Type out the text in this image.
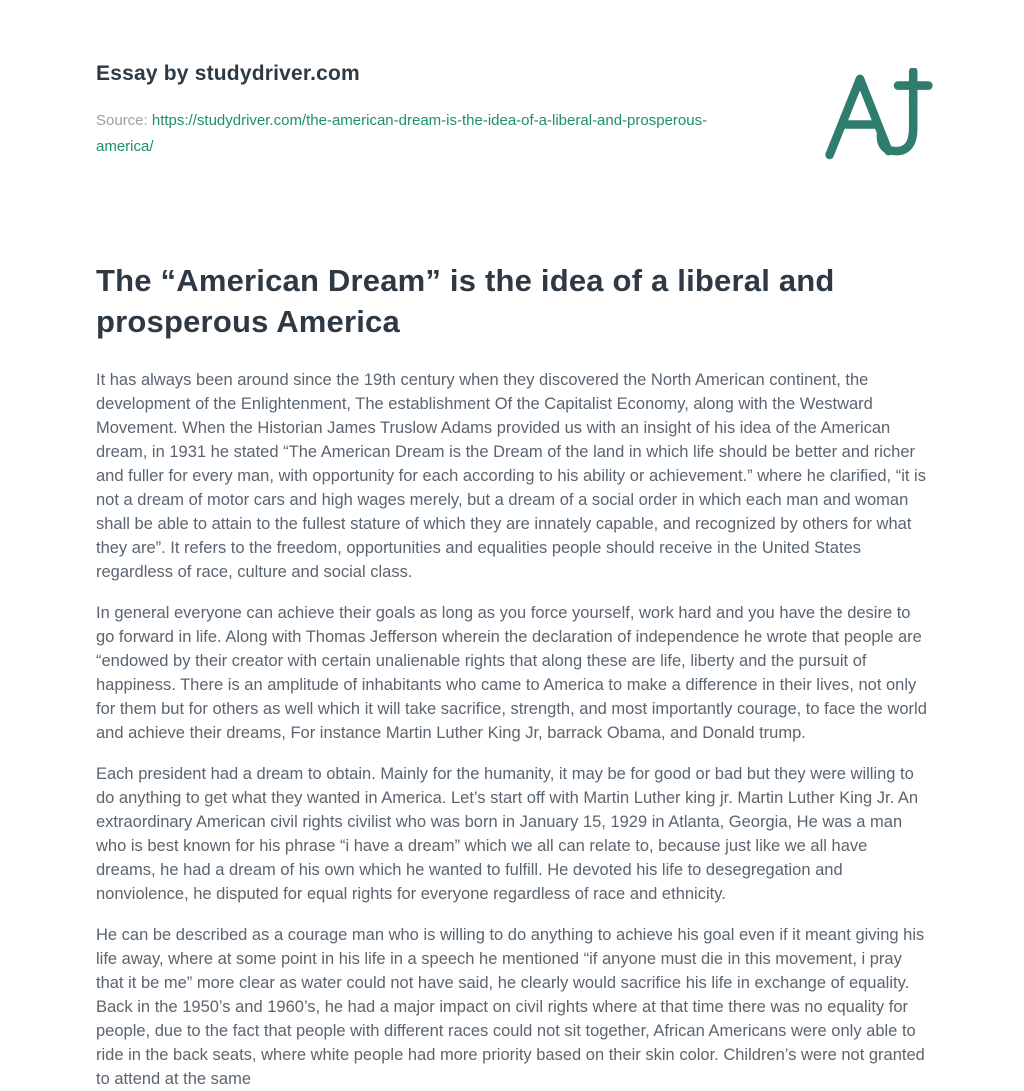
Essay by studydriver.com
Source: https://studydriver.com/the-american-dream-is-the-idea-of-a-liberal-and-prosperous-america/
The “American Dream” is the idea of a liberal and prosperous America

It has always been around since the 19th century when they discovered the North American continent, the development of the Enlightenment, The establishment Of the Capitalist Economy, along with the Westward Movement. When the Historian James Truslow Adams provided us with an insight of his idea of the American dream, in 1931 he stated “The American Dream is the Dream of the land in which life should be better and richer and fuller for every man, with opportunity for each according to his ability or achievement.” where he clarified, “it is not a dream of motor cars and high wages merely, but a dream of a social order in which each man and woman shall be able to attain to the fullest stature of which they are innately capable, and recognized by others for what they are”. It refers to the freedom, opportunities and equalities people should receive in the United States regardless of race, culture and social class.

In general everyone can achieve their goals as long as you force yourself, work hard and you have the desire to go forward in life. Along with Thomas Jefferson wherein the declaration of independence he wrote that people are “endowed by their creator with certain unalienable rights that along these are life, liberty and the pursuit of happiness. There is an amplitude of inhabitants who came to America to make a difference in their lives, not only for them but for others as well which it will take sacrifice, strength, and most importantly courage, to face the world and achieve their dreams, For instance Martin Luther King Jr, barrack Obama, and Donald trump.

Each president had a dream to obtain. Mainly for the humanity, it may be for good or bad but they were willing to do anything to get what they wanted in America. Let’s start off with Martin Luther king jr. Martin Luther King Jr. An extraordinary American civil rights civilist who was born in January 15, 1929 in Atlanta, Georgia, He was a man who is best known for his phrase “i have a dream” which we all can relate to, because just like we all have dreams, he had a dream of his own which he wanted to fulfill. He devoted his life to desegregation and nonviolence, he disputed for equal rights for everyone regardless of race and ethnicity.

He can be described as a courage man who is willing to do anything to achieve his goal even if it meant giving his life away, where at some point in his life in a speech he mentioned “if anyone must die in this movement, i pray that it be me” more clear as water could not have said, he clearly would sacrifice his life in exchange of equality. Back in the 1950’s and 1960’s, he had a major impact on civil rights where at that time there was no equality for people, due to the fact that people with different races could not sit together, African Americans were only able to ride in the back seats, where white people had more priority based on their skin color. Children’s were not granted to attend at the same
